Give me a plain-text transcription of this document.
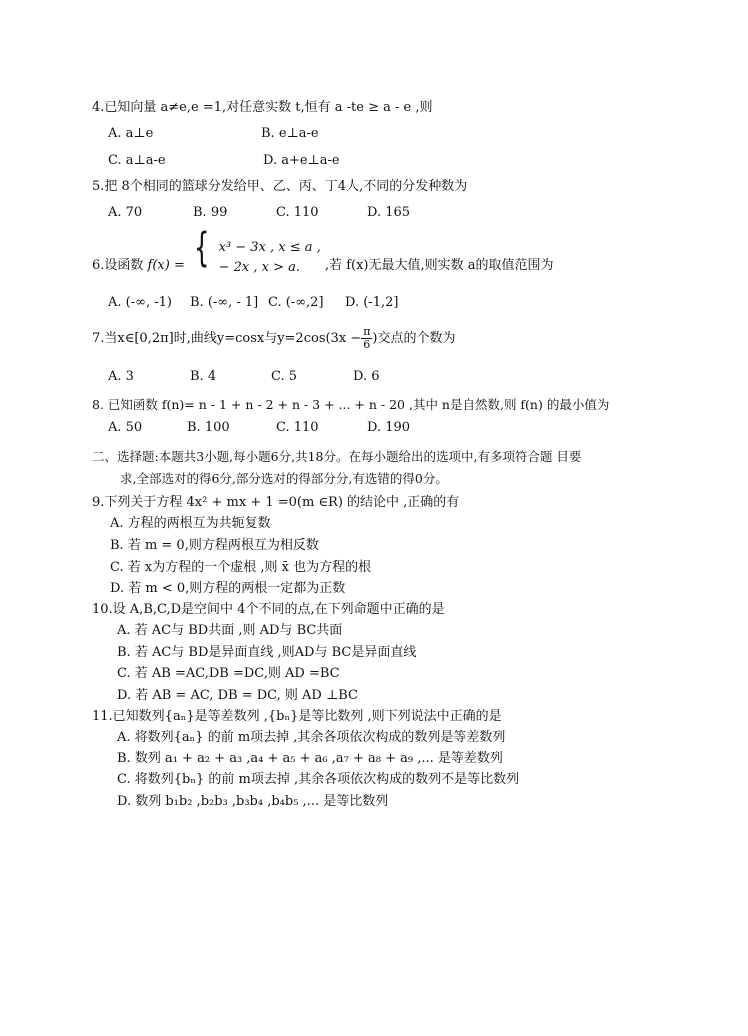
4.已知向量 a≠e,e =1,对任意实数 t,恒有 a -te ≥ a - e ,则
A. a⊥e	B. e⊥a-e
C. a⊥a-e	D. a+e⊥a-e
5.把 8个相同的篮球分发给甲、乙、丙、丁4人,不同的分发种数为
A. 70	B. 99	C. 110	D. 165
6.设函数 f(x) = { x³ − 3x , x ≤ a ,
− 2x , x > a.	,若 f(x)无最大值,则实数 a的取值范围为
A. (-∞, -1) B. (-∞, - 1] C. (-∞,2] D. (-1,2]
7.当x∈[0,2π]时,曲线y=cosx与$y=2\cos(3x - \frac{\pi}{6}$ )交点的个数为
A. 3	B. 4	C. 5	D. 6
8. 已知函数 f(n)= n - 1 + n - 2 + n - 3 + ... + n - 20 ,其中 n是自然数,则 f(n) 的最小值为
A. 50	B. 100	C. 110	D. 190
二、选择题:本题共3小题,每小题6分,共18分。在每小题给出的选项中,有多项符合题 目要
求,全部选对的得6分,部分选对的得部分分,有选错的得0分。
9.下列关于方程 4x² + mx + 1 =0(m ∈R) 的结论中 ,正确的有
A. 方程的两根互为共轭复数
B. 若 m = 0,则方程两根互为相反数
C. 若 x为方程的一个虚根 ,则 x̄ 也为方程的根
D. 若 m < 0,则方程的两根一定都为正数
10.设 A,B,C,D是空间中 4个不同的点,在下列命题中正确的是
A. 若 AC与 BD共面 ,则 AD与 BC共面
B. 若 AC与 BD是异面直线 ,则AD与 BC是异面直线
C. 若 AB =AC,DB =DC,则 AD =BC
D. 若 AB = AC, DB = DC, 则 AD ⊥BC
11.已知数列{aₙ}是等差数列 ,{bₙ}是等比数列 ,则下列说法中正确的是
A. 将数列{aₙ} 的前 m项去掉 ,其余各项依次构成的数列是等差数列
B. 数列 a₁ + a₂ + a₃ ,a₄ + a₅ + a₆ ,a₇ + a₈ + a₉ ,... 是等差数列
C. 将数列{bₙ} 的前 m项去掉 ,其余各项依次构成的数列不是等比数列
D. 数列 b₁b₂ ,b₂b₃ ,b₃b₄ ,b₄b₅ ,... 是等比数列
